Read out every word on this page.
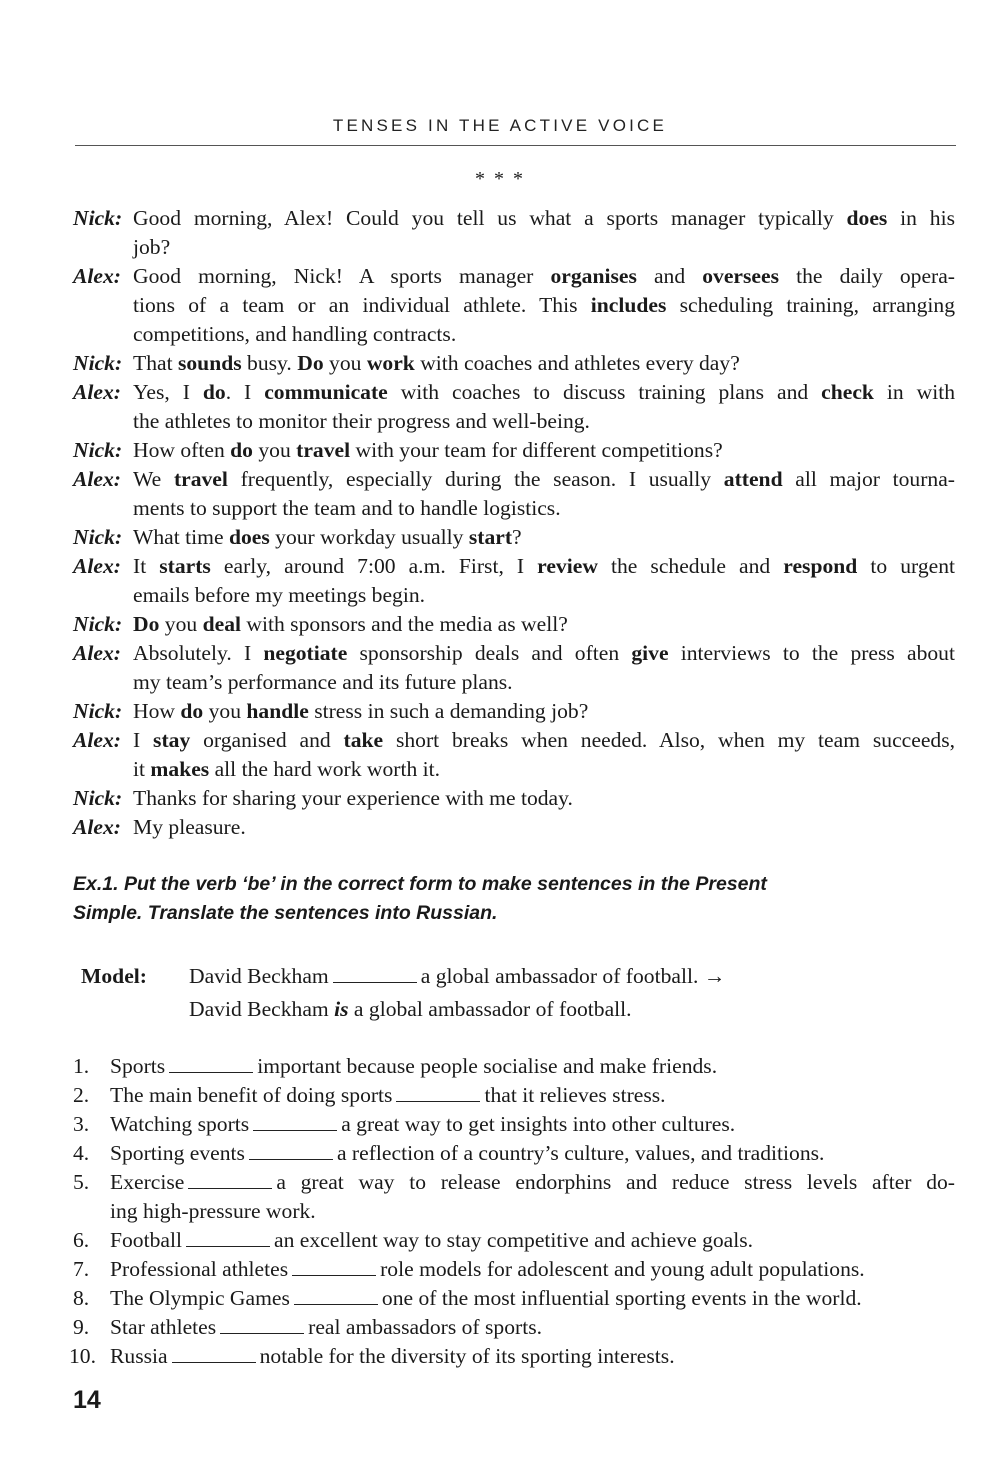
TENSES IN THE ACTIVE VOICE
* * *
Nick: Good morning, Alex! Could you tell us what a sports manager typically does in his
job?
Alex: Good morning, Nick! A sports manager organises and oversees the daily opera-
tions of a team or an individual athlete. This includes scheduling training, arranging
competitions, and handling contracts.
Nick: That sounds busy. Do you work with coaches and athletes every day?
Alex: Yes, I do. I communicate with coaches to discuss training plans and check in with
the athletes to monitor their progress and well-being.
Nick: How often do you travel with your team for different competitions?
Alex: We travel frequently, especially during the season. I usually attend all major tourna-
ments to support the team and to handle logistics.
Nick: What time does your workday usually start?
Alex: It starts early, around 7:00 a.m. First, I review the schedule and respond to urgent
emails before my meetings begin.
Nick: Do you deal with sponsors and the media as well?
Alex: Absolutely. I negotiate sponsorship deals and often give interviews to the press about
my team’s performance and its future plans.
Nick: How do you handle stress in such a demanding job?
Alex: I stay organised and take short breaks when needed. Also, when my team succeeds,
it makes all the hard work worth it.
Nick: Thanks for sharing your experience with me today.
Alex: My pleasure.
Ex.1. Put the verb ‘be’ in the correct form to make sentences in the Present
Simple. Translate the sentences into Russian.
Model: David Beckham	a global ambassador of football. →
David Beckham is a global ambassador of football.
1. Sports	important because people socialise and make friends.
2. The main benefit of doing sports	that it relieves stress.
3. Watching sports	a great way to get insights into other cultures.
4. Sporting events	a reflection of a country’s culture, values, and traditions.
5. Exercise	a great way to release endorphins and reduce stress levels after do-
ing high-pressure work.
6. Football	an excellent way to stay competitive and achieve goals.
7. Professional athletes	role models for adolescent and young adult populations.
8. The Olympic Games	one of the most influential sporting events in the world.
9. Star athletes	real ambassadors of sports.
10. Russia	notable for the diversity of its sporting interests.
14
